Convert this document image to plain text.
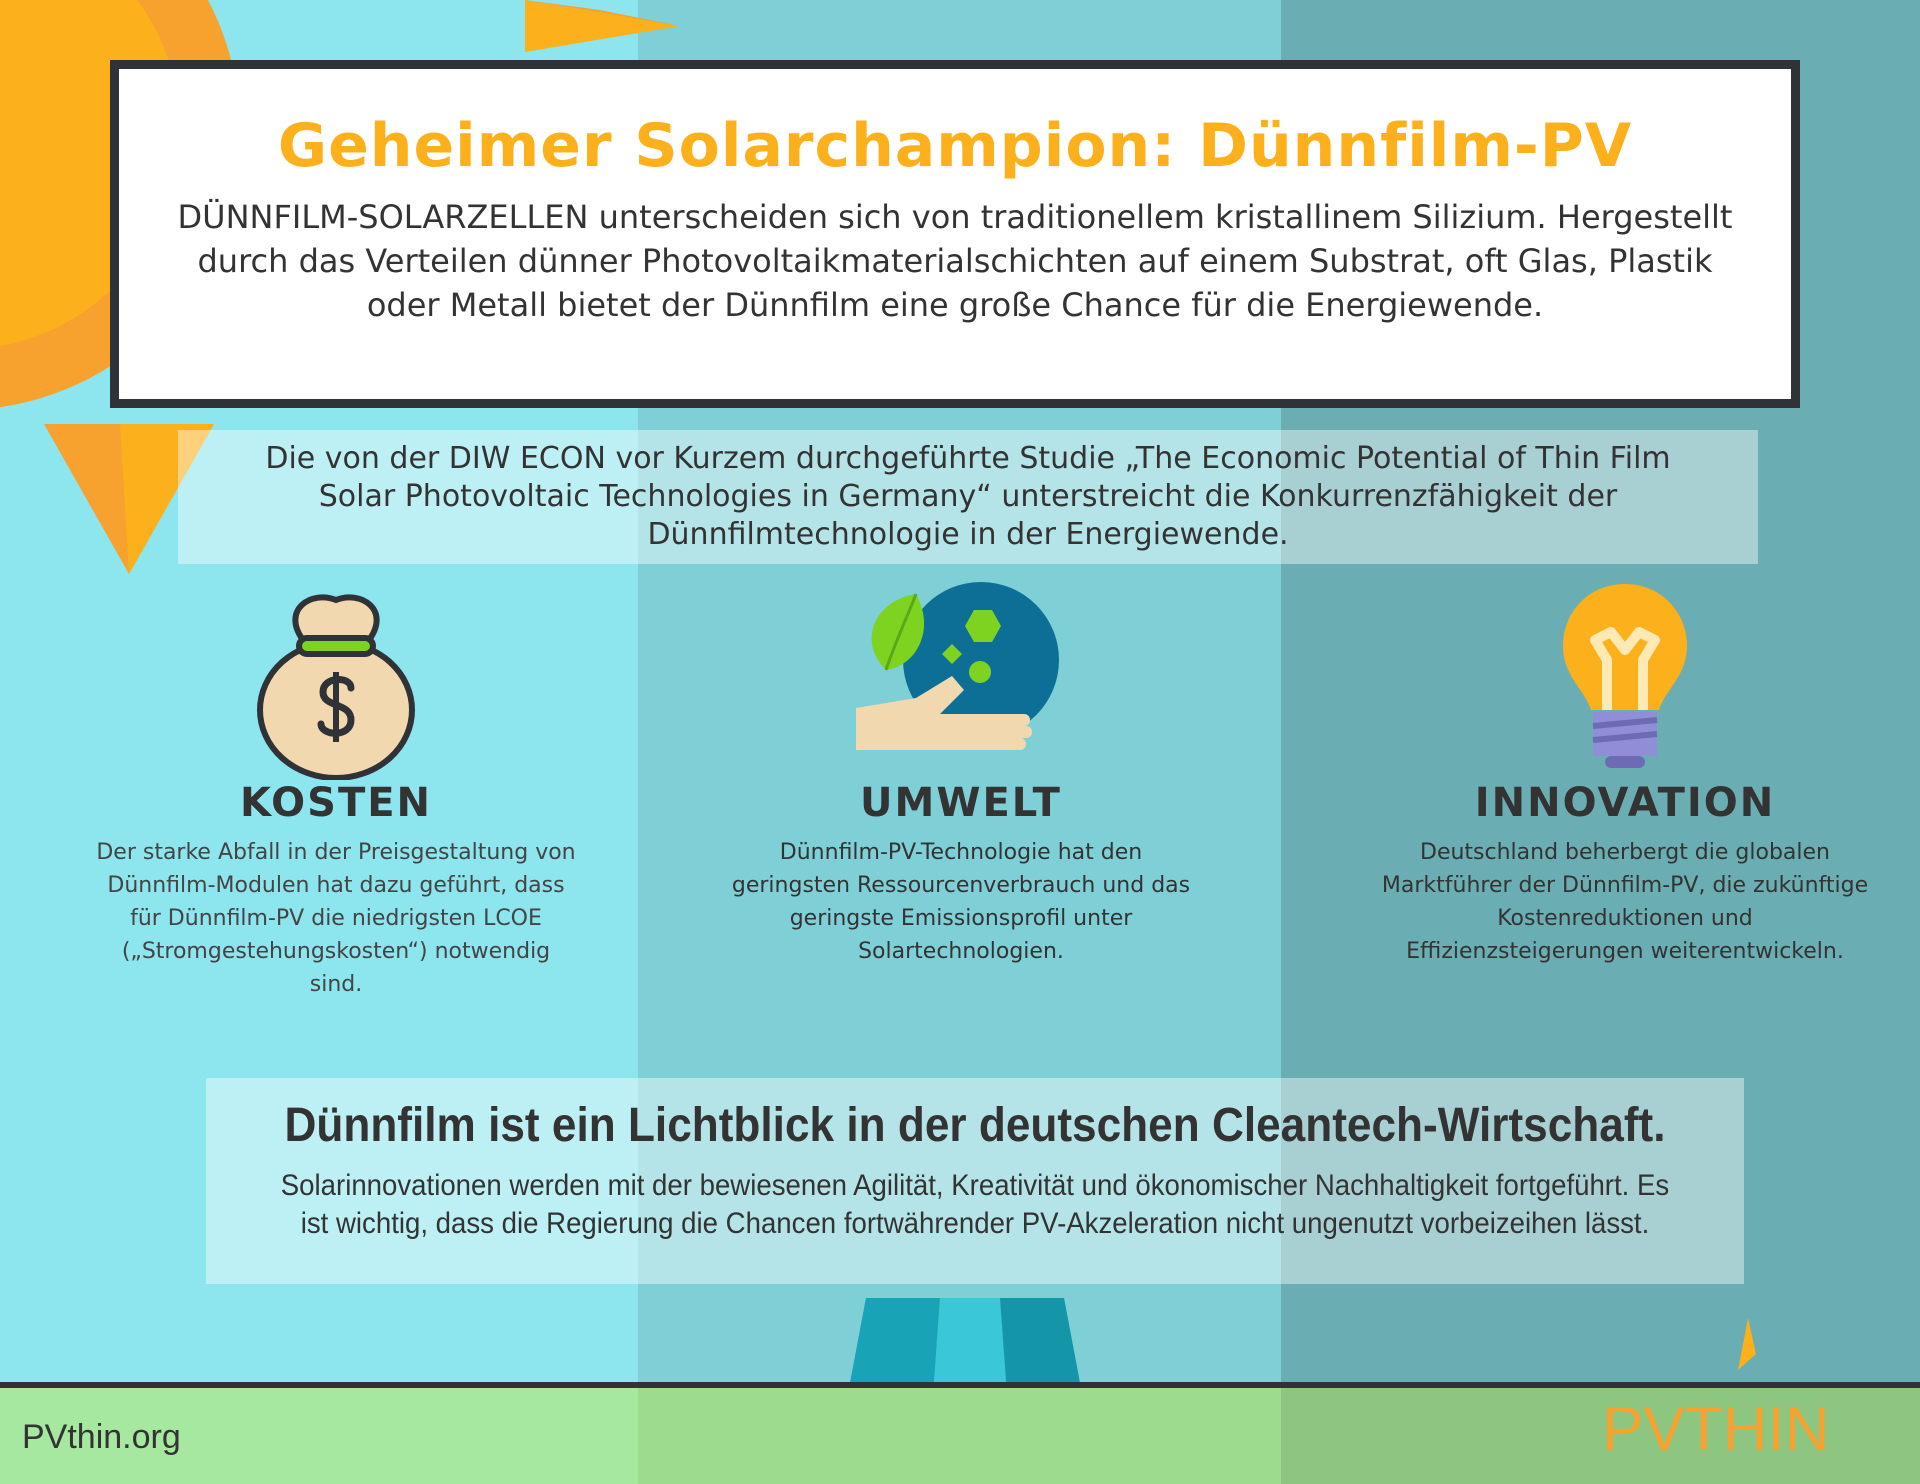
Geheimer Solarchampion: Dünnfilm-PV

DÜNNFILM-SOLARZELLEN unterscheiden sich von traditionellem kristallinem Silizium. Hergestellt durch das Verteilen dünner Photovoltaikmaterialschichten auf einem Substrat, oft Glas, Plastik oder Metall bietet der Dünnfilm eine große Chance für die Energiewende.

Die von der DIW ECON vor Kurzem durchgeführte Studie „The Economic Potential of Thin Film Solar Photovoltaic Technologies in Germany“ unterstreicht die Konkurrenzfähigkeit der Dünnfilmtechnologie in der Energiewende.

KOSTEN

Der starke Abfall in der Preisgestaltung von Dünnfilm-Modulen hat dazu geführt, dass für Dünnfilm-PV die niedrigsten LCOE („Stromgestehungskosten“) notwendig sind.

UMWELT

Dünnfilm-PV-Technologie hat den geringsten Ressourcenverbrauch und das geringste Emissionsprofil unter Solartechnologien.

INNOVATION

Deutschland beherbergt die globalen Marktführer der Dünnfilm-PV, die zukünftige Kostenreduktionen und Effizienzsteigerungen weiterentwickeln.

Dünnfilm ist ein Lichtblick in der deutschen Cleantech-Wirtschaft.

Solarinnovationen werden mit der bewiesenen Agilität, Kreativität und ökonomischer Nachhaltigkeit fortgeführt. Es ist wichtig, dass die Regierung die Chancen fortwährender PV-Akzeleration nicht ungenutzt vorbeizeihen lässt.

PVthin.org	PVTHIN
